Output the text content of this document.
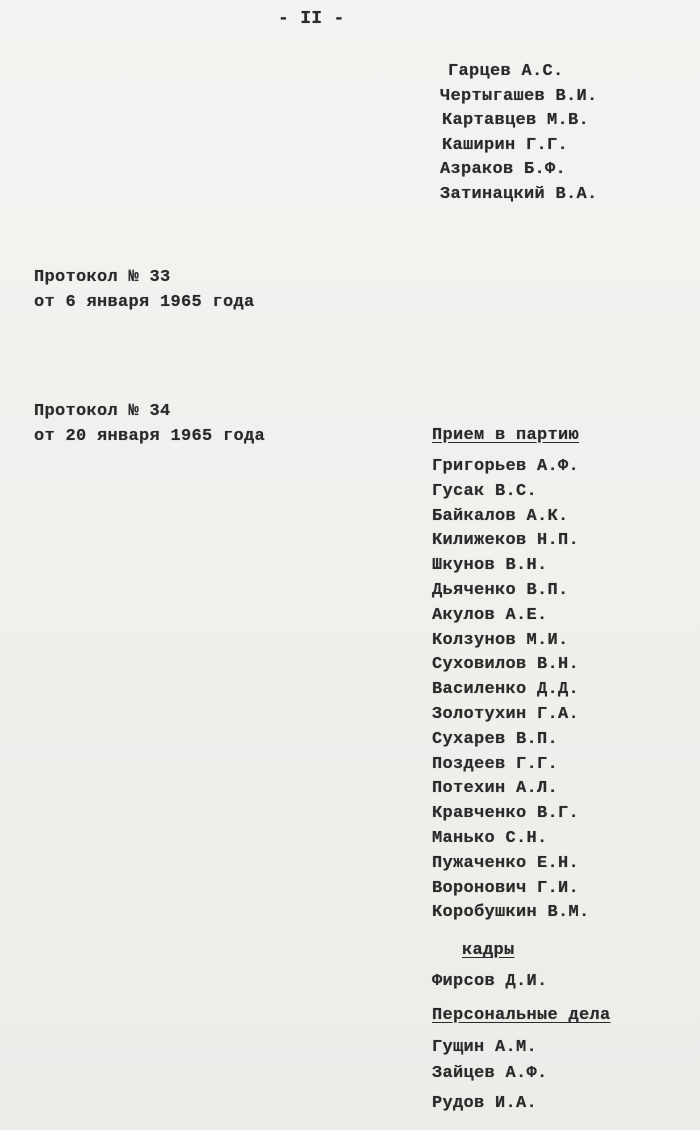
- II -
Гарцев А.С.
Чертыгашев В.И.
Картавцев М.В.
Каширин Г.Г.
Азраков Б.Ф.
Затинацкий В.А.
Протокол № 33
от 6 января 1965 года
Протокол № 34
от 20 января 1965 года	Прием в партию
Григорьев А.Ф.
Гусак В.С.
Байкалов А.К.
Килижеков Н.П.
Шкунов В.Н.
Дьяченко В.П.
Акулов А.Е.
Колзунов М.И.
Суховилов В.Н.
Василенко Д.Д.
Золотухин Г.А.
Сухарев В.П.
Поздеев Г.Г.
Потехин А.Л.
Кравченко В.Г.
Манько С.Н.
Пужаченко Е.Н.
Воронович Г.И.
Коробушкин В.М.
кадры
Фирсов Д.И.
Персональные дела
Гущин А.М.
Зайцев А.Ф.
Рудов И.А.
